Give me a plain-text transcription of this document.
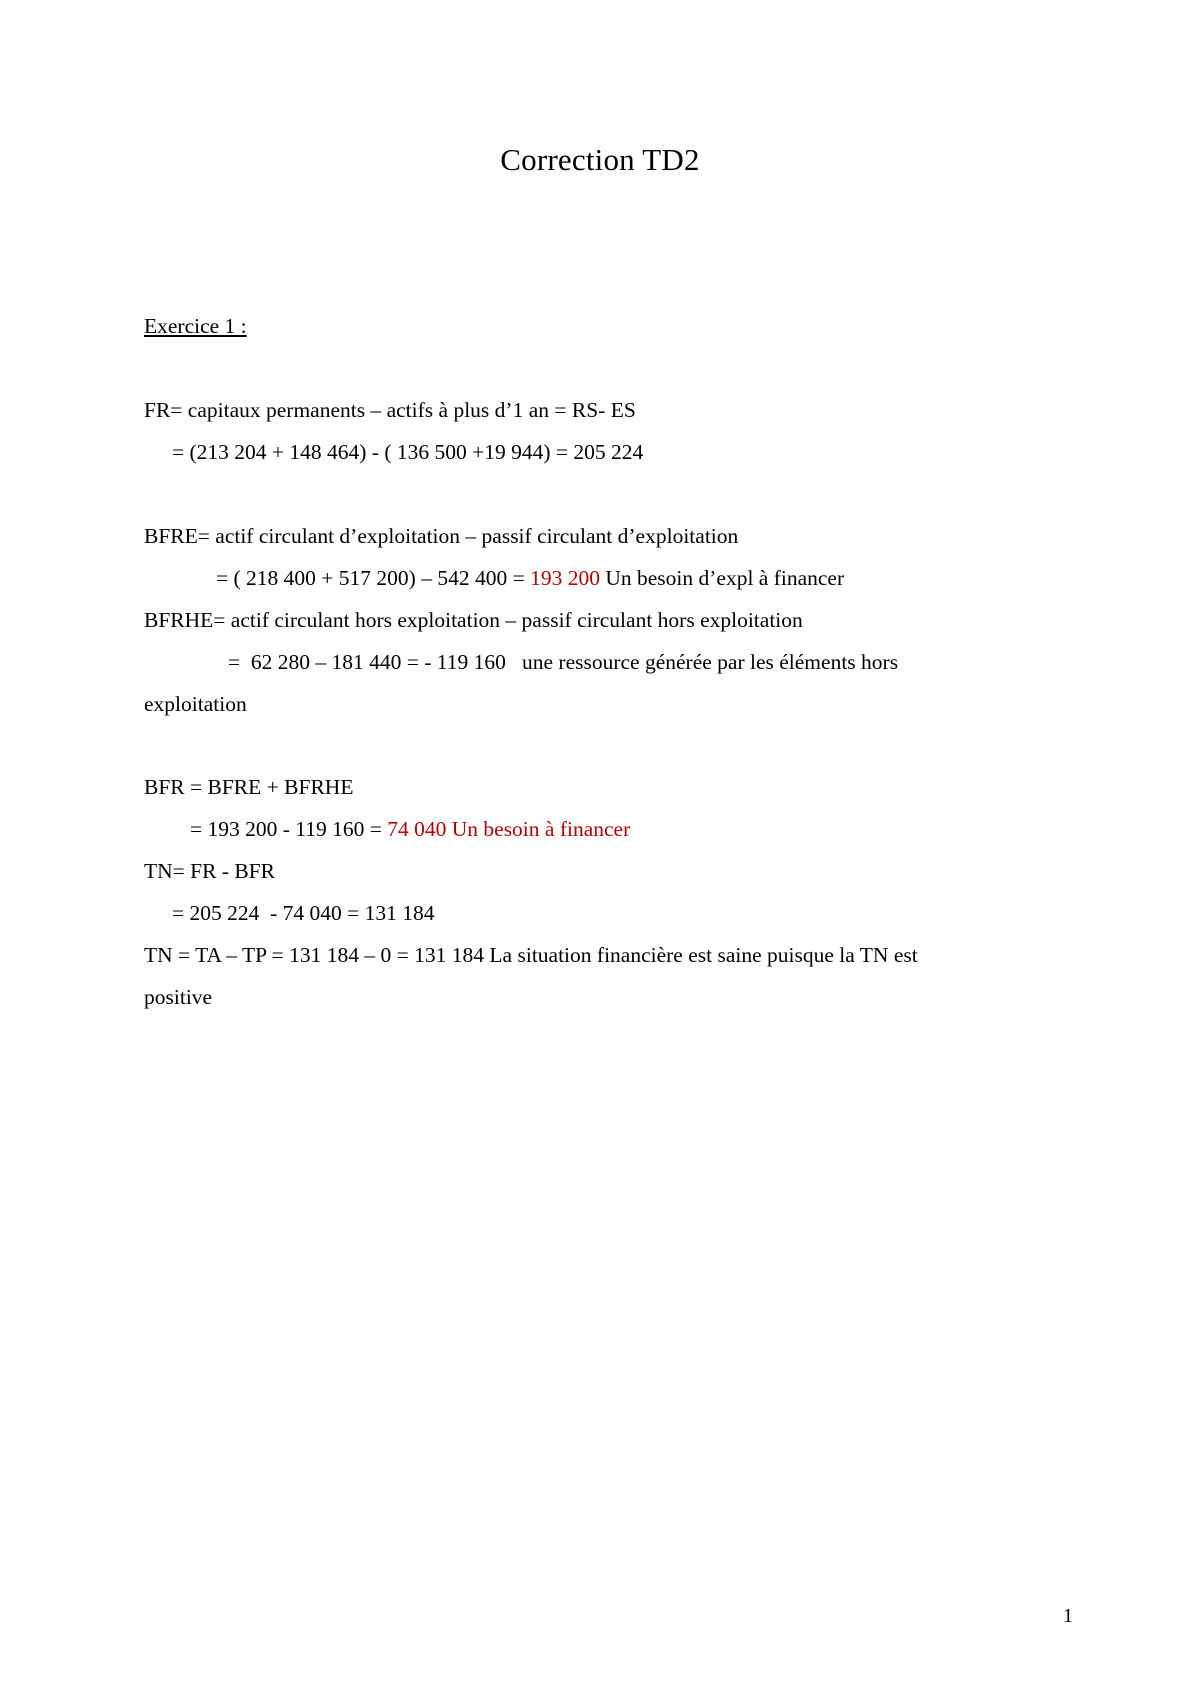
Correction TD2
Exercice 1 :
FR= capitaux permanents – actifs à plus d’1 an = RS- ES
= (213 204 + 148 464) - ( 136 500 +19 944) = 205 224
BFRE= actif circulant d’exploitation – passif circulant d’exploitation
= ( 218 400 + 517 200) – 542 400 = 193 200 Un besoin d’expl à financer
BFRHE= actif circulant hors exploitation – passif circulant hors exploitation
=  62 280 – 181 440 = - 119 160   une ressource générée par les éléments hors
exploitation
BFR = BFRE + BFRHE
= 193 200 - 119 160 = 74 040 Un besoin à financer
TN= FR - BFR
= 205 224  - 74 040 = 131 184
TN = TA – TP = 131 184 – 0 = 131 184 La situation financière est saine puisque la TN est
positive
1
